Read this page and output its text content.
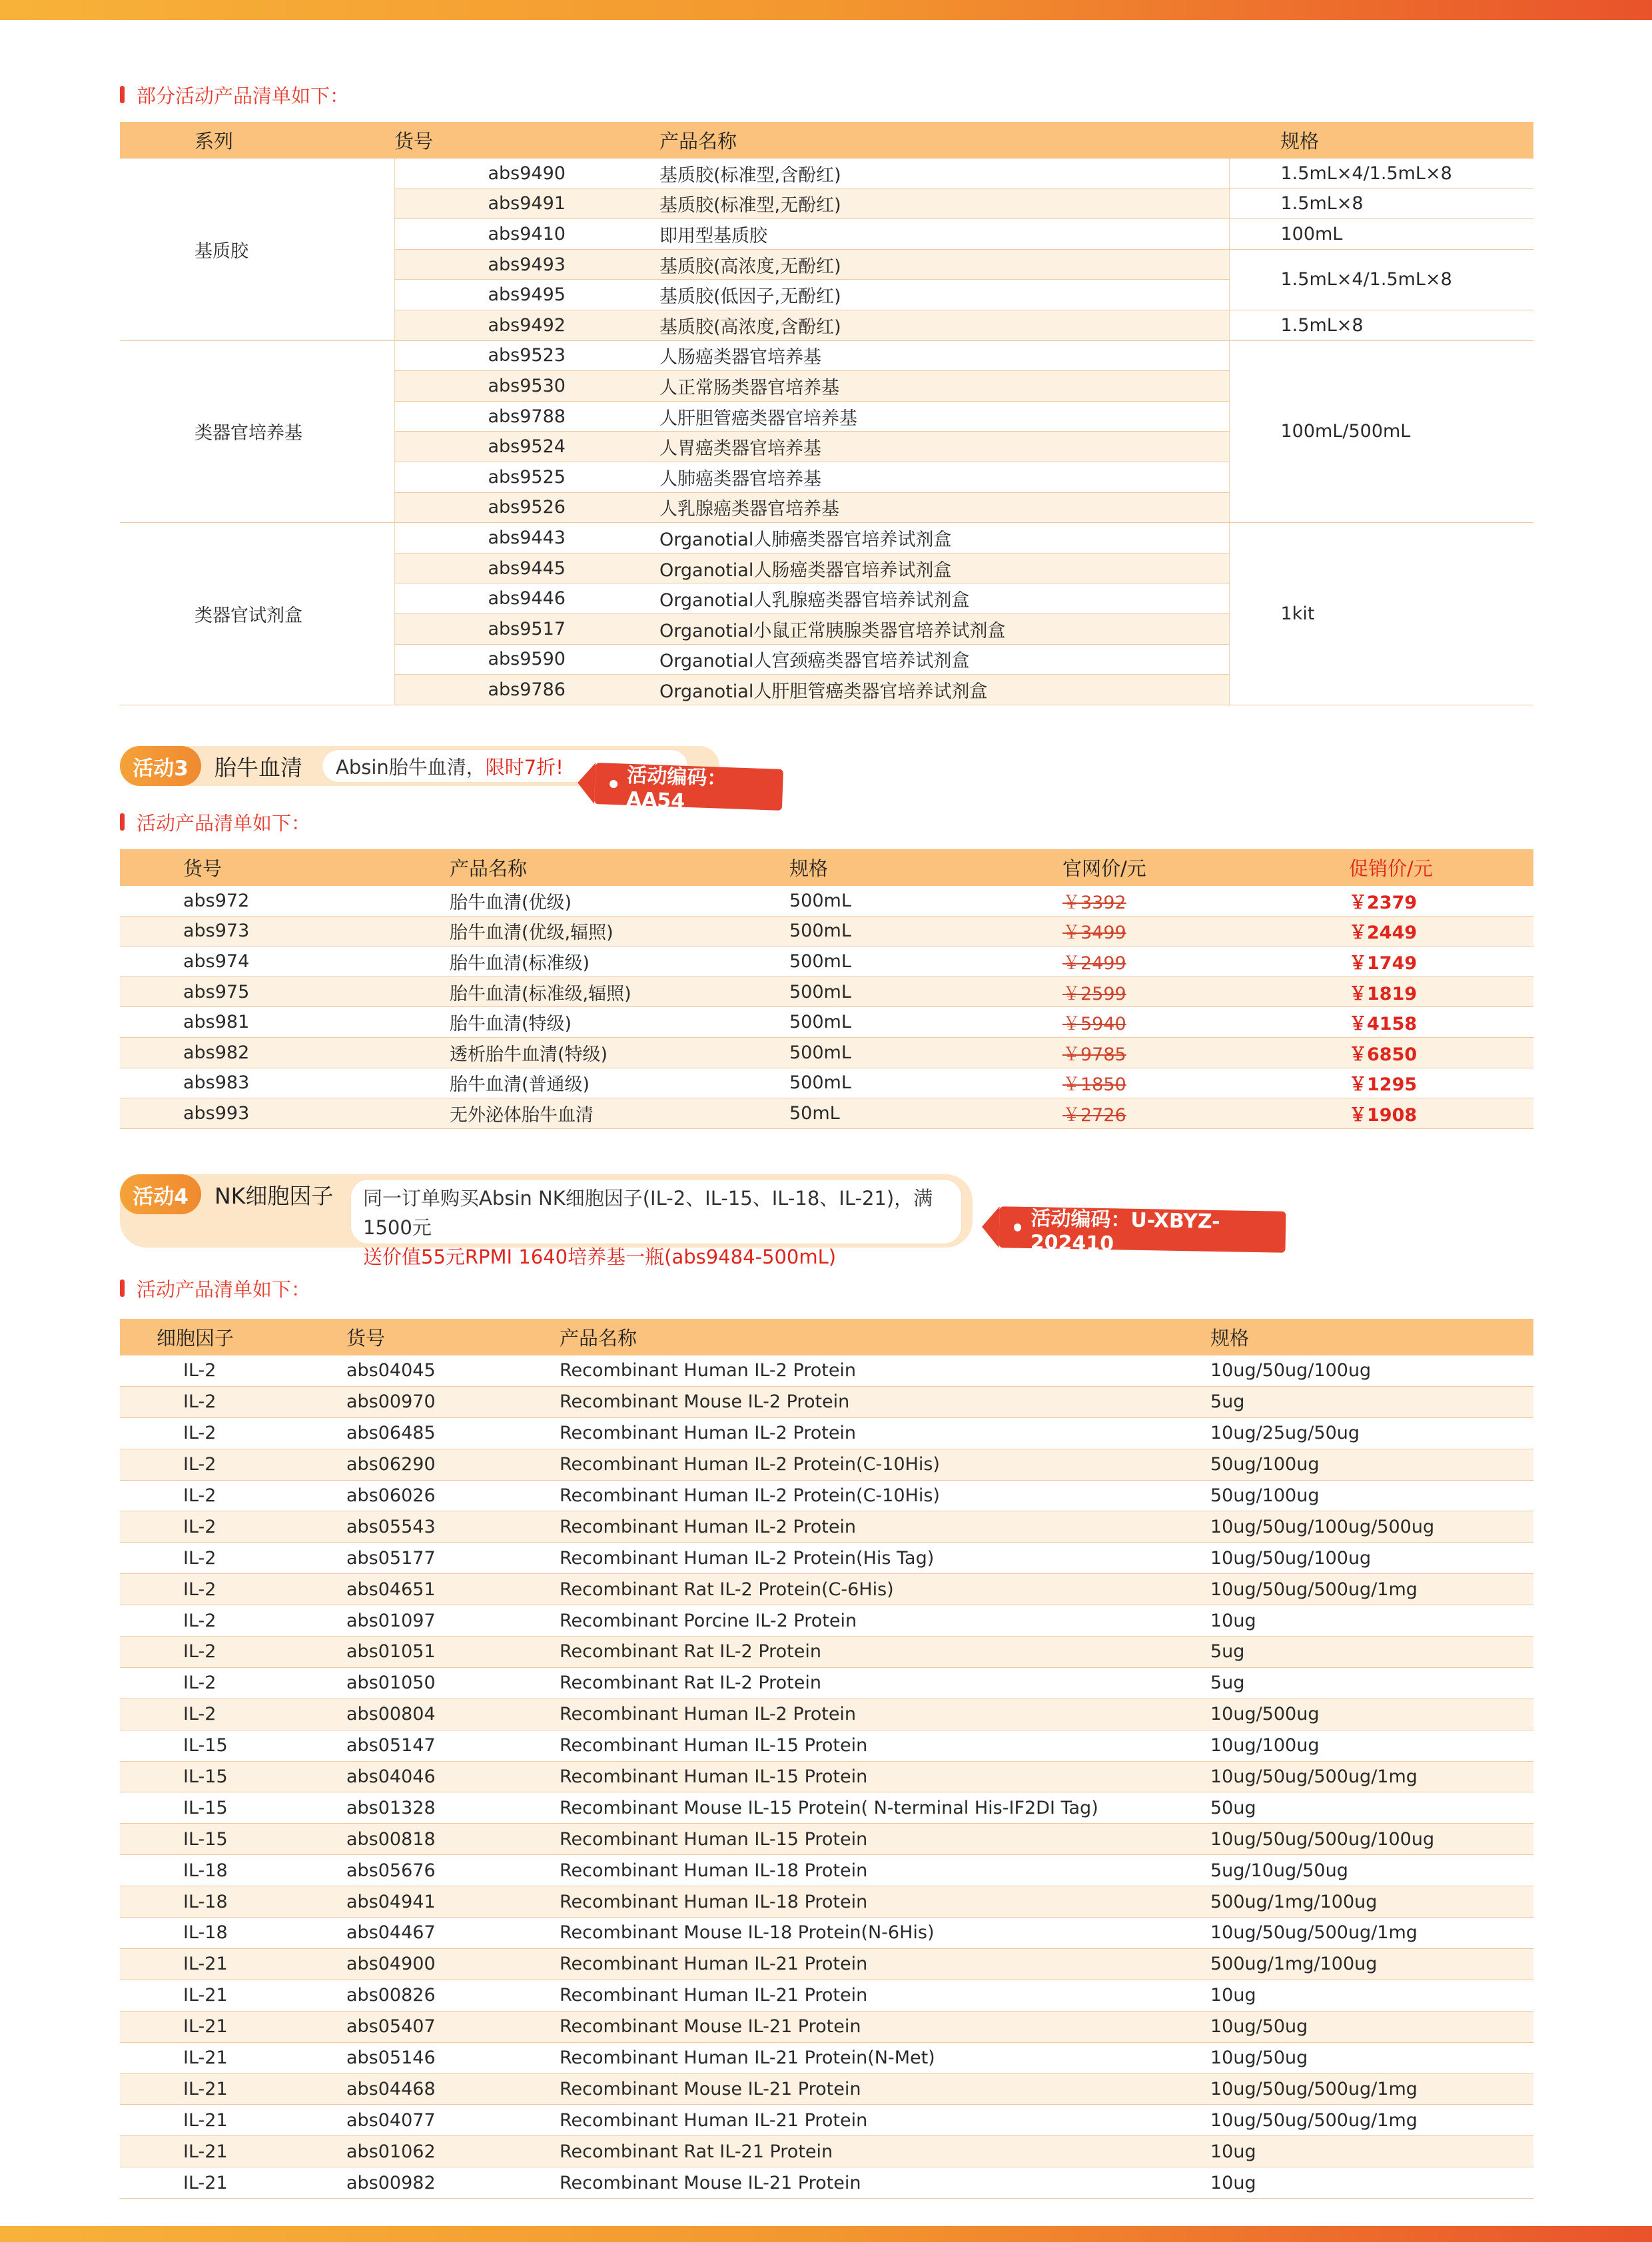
部分活动产品清单如下：
系列	货号	产品名称	规格
基质胶	abs9490	基质胶(标准型,含酚红)	1.5mL×4/1.5mL×8
	abs9491	基质胶(标准型,无酚红)	1.5mL×8
	abs9410	即用型基质胶	100mL
	abs9493	基质胶(高浓度,无酚红)	1.5mL×4/1.5mL×8
	abs9495	基质胶(低因子,无酚红)	
	abs9492	基质胶(高浓度,含酚红)	1.5mL×8
类器官培养基	abs9523	人肠癌类器官培养基	100mL/500mL
	abs9530	人正常肠类器官培养基	
	abs9788	人肝胆管癌类器官培养基	
	abs9524	人胃癌类器官培养基	
	abs9525	人肺癌类器官培养基	
	abs9526	人乳腺癌类器官培养基	
类器官试剂盒	abs9443	Organotial人肺癌类器官培养试剂盒	1kit
	abs9445	Organotial人肠癌类器官培养试剂盒	
	abs9446	Organotial人乳腺癌类器官培养试剂盒	
	abs9517	Organotial小鼠正常胰腺类器官培养试剂盒	
	abs9590	Organotial人宫颈癌类器官培养试剂盒	
	abs9786	Organotial人肝胆管癌类器官培养试剂盒	
活动3	胎牛血清 Absin胎牛血清， 限时7折!	活动编码：AA54
活动产品清单如下：
货号	产品名称	规格	官网价/元	促销价/元
abs972	胎牛血清(优级)	500mL	￥3392	￥2379
abs973	胎牛血清(优级,辐照)	500mL	￥3499	￥2449
abs974	胎牛血清(标准级)	500mL	￥2499	￥1749
abs975	胎牛血清(标准级,辐照)	500mL	￥2599	￥1819
abs981	胎牛血清(特级)	500mL	￥5940	￥4158
abs982	透析胎牛血清(特级)	500mL	￥9785	￥6850
abs983	胎牛血清(普通级)	500mL	￥1850	￥1295
abs993	无外泌体胎牛血清	50mL	￥2726	￥1908
活动4	NK细胞因子 同一订单购买Absin NK细胞因子(IL-2、IL-15、IL-18、IL-21)，满1500元
送价值55元RPMI 1640培养基一瓶(abs9484-500mL)
活动编码：U-XBYZ-202410
活动产品清单如下：
细胞因子	货号	产品名称	规格
IL-2	abs04045	Recombinant Human IL-2 Protein	10ug/50ug/100ug
IL-2	abs00970	Recombinant Mouse IL-2 Protein	5ug
IL-2	abs06485	Recombinant Human IL-2 Protein	10ug/25ug/50ug
IL-2	abs06290	Recombinant Human IL-2 Protein(C-10His)	50ug/100ug
IL-2	abs06026	Recombinant Human IL-2 Protein(C-10His)	50ug/100ug
IL-2	abs05543	Recombinant Human IL-2 Protein	10ug/50ug/100ug/500ug
IL-2	abs05177	Recombinant Human IL-2 Protein(His Tag)	10ug/50ug/100ug
IL-2	abs04651	Recombinant Rat IL-2 Protein(C-6His)	10ug/50ug/500ug/1mg
IL-2	abs01097	Recombinant Porcine IL-2 Protein	10ug
IL-2	abs01051	Recombinant Rat IL-2 Protein	5ug
IL-2	abs01050	Recombinant Rat IL-2 Protein	5ug
IL-2	abs00804	Recombinant Human IL-2 Protein	10ug/500ug
IL-15	abs05147	Recombinant Human IL-15 Protein	10ug/100ug
IL-15	abs04046	Recombinant Human IL-15 Protein	10ug/50ug/500ug/1mg
IL-15	abs01328	Recombinant Mouse IL-15 Protein( N-terminal His-IF2DI Tag)	50ug
IL-15	abs00818	Recombinant Human IL-15 Protein	10ug/50ug/500ug/100ug
IL-18	abs05676	Recombinant Human IL-18 Protein	5ug/10ug/50ug
IL-18	abs04941	Recombinant Human IL-18 Protein	500ug/1mg/100ug
IL-18	abs04467	Recombinant Mouse IL-18 Protein(N-6His)	10ug/50ug/500ug/1mg
IL-21	abs04900	Recombinant Human IL-21 Protein	500ug/1mg/100ug
IL-21	abs00826	Recombinant Human IL-21 Protein	10ug
IL-21	abs05407	Recombinant Mouse IL-21 Protein	10ug/50ug
IL-21	abs05146	Recombinant Human IL-21 Protein(N-Met)	10ug/50ug
IL-21	abs04468	Recombinant Mouse IL-21 Protein	10ug/50ug/500ug/1mg
IL-21	abs04077	Recombinant Human IL-21 Protein	10ug/50ug/500ug/1mg
IL-21	abs01062	Recombinant Rat IL-21 Protein	10ug
IL-21	abs00982	Recombinant Mouse IL-21 Protein	10ug
